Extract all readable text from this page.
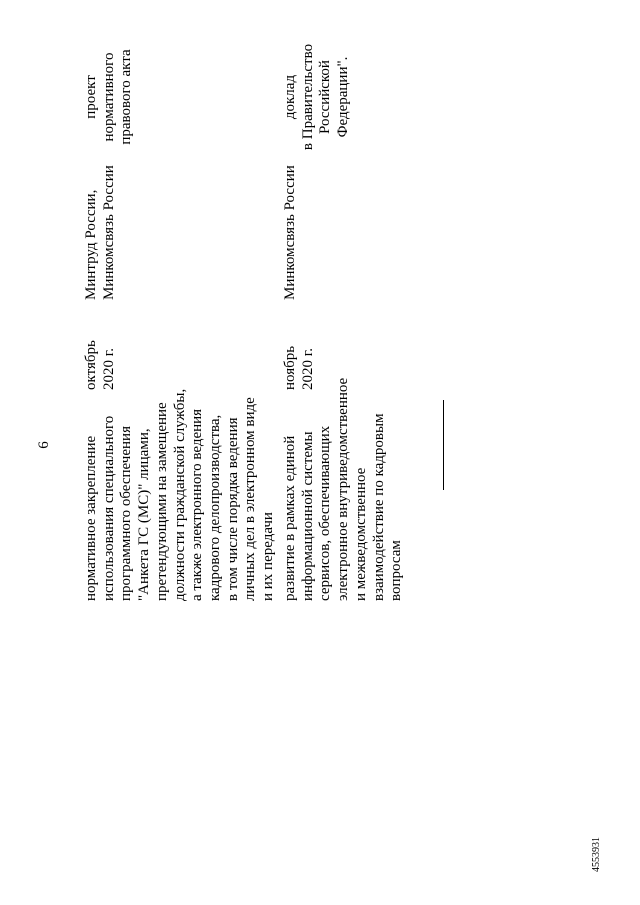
6 нормативное закрепление использования специального программного обеспечения "Анкета ГС (МС)" лицами, претендующими на замещение должности гражданской службы, а также электронного ведения кадрового делопроизводства, в том числе порядка ведения личных дел в электронном виде и их передачи
октябрь 2020 г.
Минтруд России, Минкомсвязь России
проект нормативного правового акта
развитие в рамках единой информационной системы сервисов, обеспечивающих электронное внутриведомственное и межведомственное взаимодействие по кадровым вопросам
ноябрь 2020 г.
Минкомсвязь России
доклад в Правительство Российской Федерации".
4553931
